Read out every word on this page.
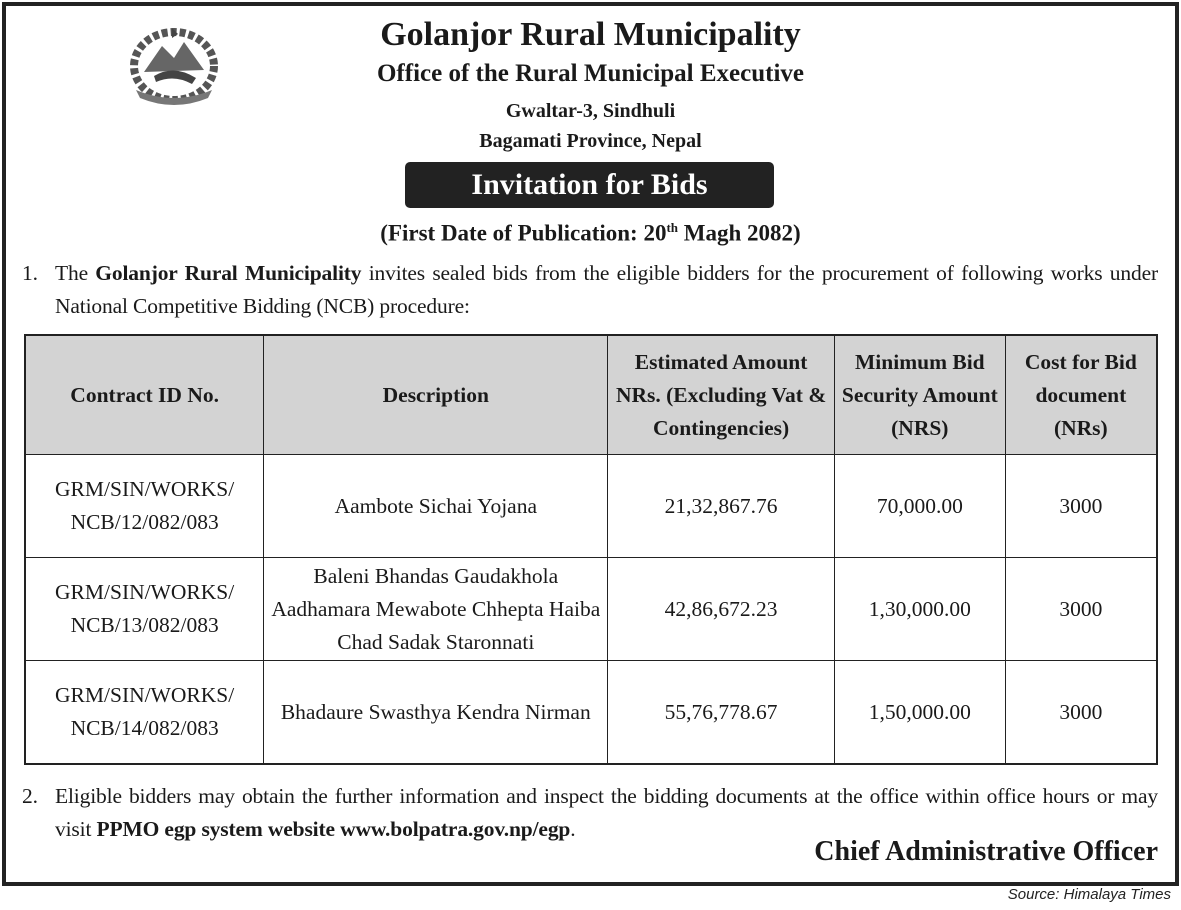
Golanjor Rural Municipality
Office of the Rural Municipal Executive
Gwaltar-3, Sindhuli
Bagamati Province, Nepal
Invitation for Bids
(First Date of Publication: 20th Magh 2082)
1. The Golanjor Rural Municipality invites sealed bids from the eligible bidders for the procurement of following works under National Competitive Bidding (NCB) procedure:
Contract ID No.	Description	Estimated Amount NRs. (Excluding Vat & Contingencies)	Minimum Bid Security Amount (NRS)	Cost for Bid document (NRs)
GRM/SIN/WORKS/ NCB/12/082/083	Aambote Sichai Yojana	21,32,867.76	70,000.00	3000
GRM/SIN/WORKS/ NCB/13/082/083	Baleni Bhandas Gaudakhola Aadhamara Mewabote Chhepta Haiba Chad Sadak Staronnati	42,86,672.23	1,30,000.00	3000
GRM/SIN/WORKS/ NCB/14/082/083	Bhadaure Swasthya Kendra Nirman	55,76,778.67	1,50,000.00	3000
2. Eligible bidders may obtain the further information and inspect the bidding documents at the office within office hours or may visit PPMO egp system website www.bolpatra.gov.np/egp.
Chief Administrative Officer
Source: Himalaya Times
